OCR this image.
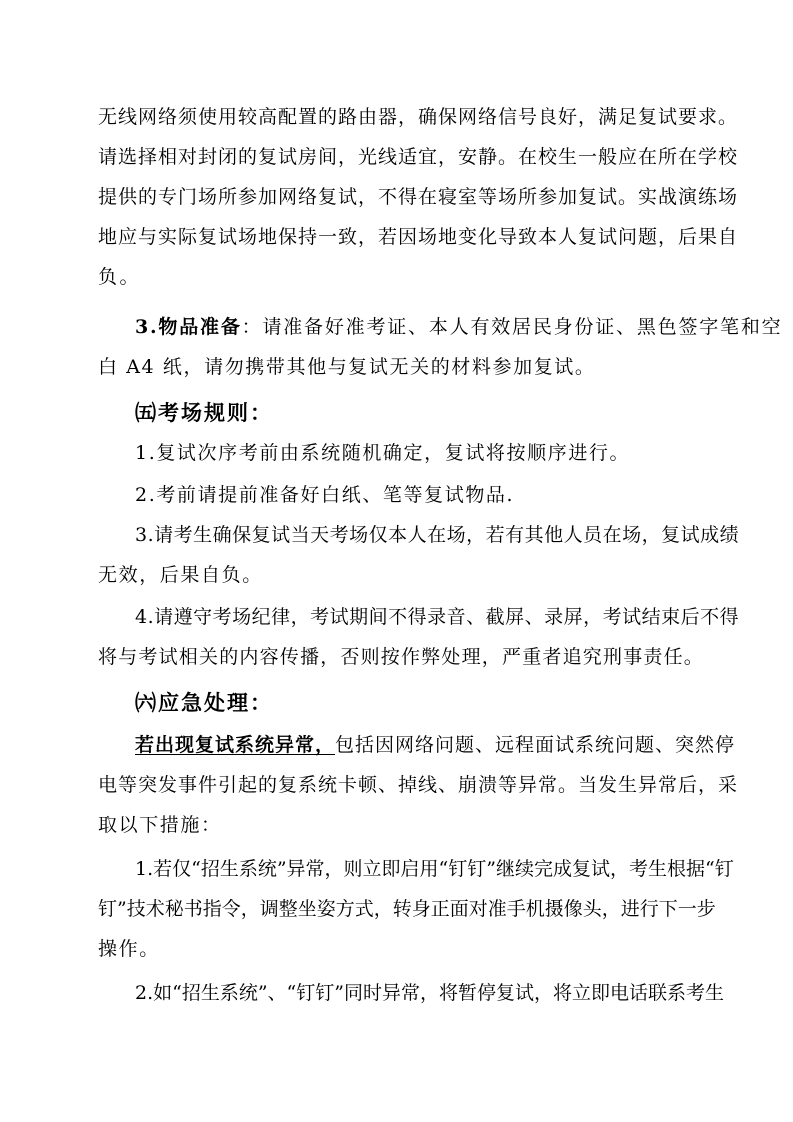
无线网络须使用较高配置的路由器，确保网络信号良好，满足复试要求。
请选择相对封闭的复试房间，光线适宜，安静。在校生一般应在所在学校
提供的专门场所参加网络复试，不得在寝室等场所参加复试。实战演练场
地应与实际复试场地保持一致，若因场地变化导致本人复试问题，后果自
负。
3.物品准备：请准备好准考证、本人有效居民身份证、黑色签字笔和空
白 A4 纸，请勿携带其他与复试无关的材料参加复试。
㈤考场规则：
1.复试次序考前由系统随机确定，复试将按顺序进行。
2.考前请提前准备好白纸、笔等复试物品.
3.请考生确保复试当天考场仅本人在场，若有其他人员在场，复试成绩
无效，后果自负。
4.请遵守考场纪律，考试期间不得录音、截屏、录屏，考试结束后不得
将与考试相关的内容传播，否则按作弊处理，严重者追究刑事责任。
㈥应急处理：
若出现复试系统异常，包括因网络问题、远程面试系统问题、突然停
电等突发事件引起的复系统卡顿、掉线、崩溃等异常。当发生异常后，采
取以下措施：
1.若仅“招生系统”异常，则立即启用“钉钉”继续完成复试，考生根据“钉
钉”技术秘书指令，调整坐姿方式，转身正面对准手机摄像头，进行下一步
操作。
2.如“招生系统”、“钉钉”同时异常，将暂停复试，将立即电话联系考生
